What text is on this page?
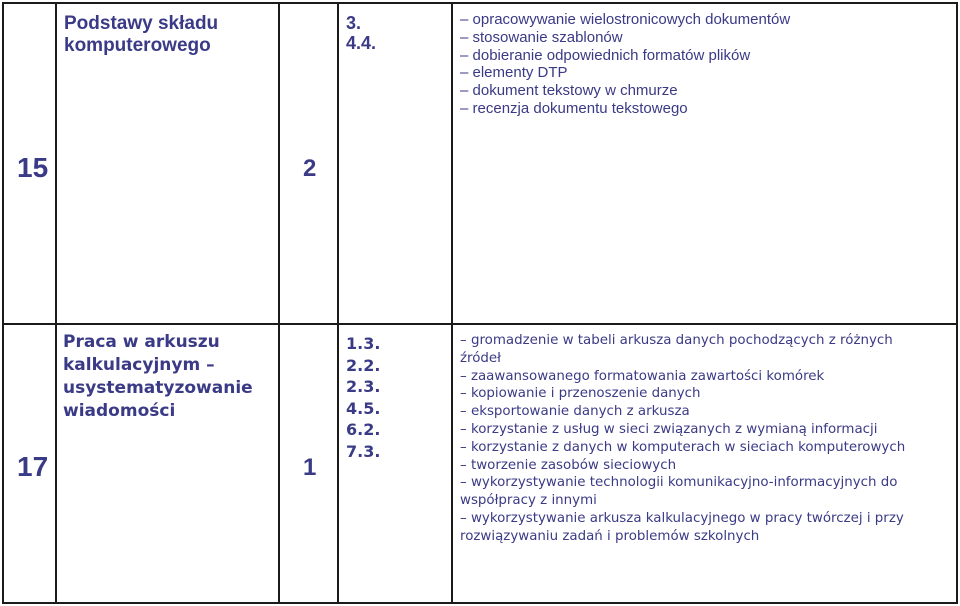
15
Podstawy składu
komputerowego
2
3.
4.4.
– opracowywanie wielostronicowych dokumentów
– stosowanie szablonów
– dobieranie odpowiednich formatów plików
– elementy DTP
– dokument tekstowy w chmurze
– recenzja dokumentu tekstowego
17
Praca w arkuszu
kalkulacyjnym –
usystematyzowanie
wiadomości
1
1.3.
2.2.
2.3.
4.5.
6.2.
7.3.
– gromadzenie w tabeli arkusza danych pochodzących z różnych
źródeł
– zaawansowanego formatowania zawartości komórek
– kopiowanie i przenoszenie danych
– eksportowanie danych z arkusza
– korzystanie z usług w sieci związanych z wymianą informacji
– korzystanie z danych w komputerach w sieciach komputerowych
– tworzenie zasobów sieciowych
– wykorzystywanie technologii komunikacyjno-informacyjnych do
współpracy z innymi
– wykorzystywanie arkusza kalkulacyjnego w pracy twórczej i przy
rozwiązywaniu zadań i problemów szkolnych
